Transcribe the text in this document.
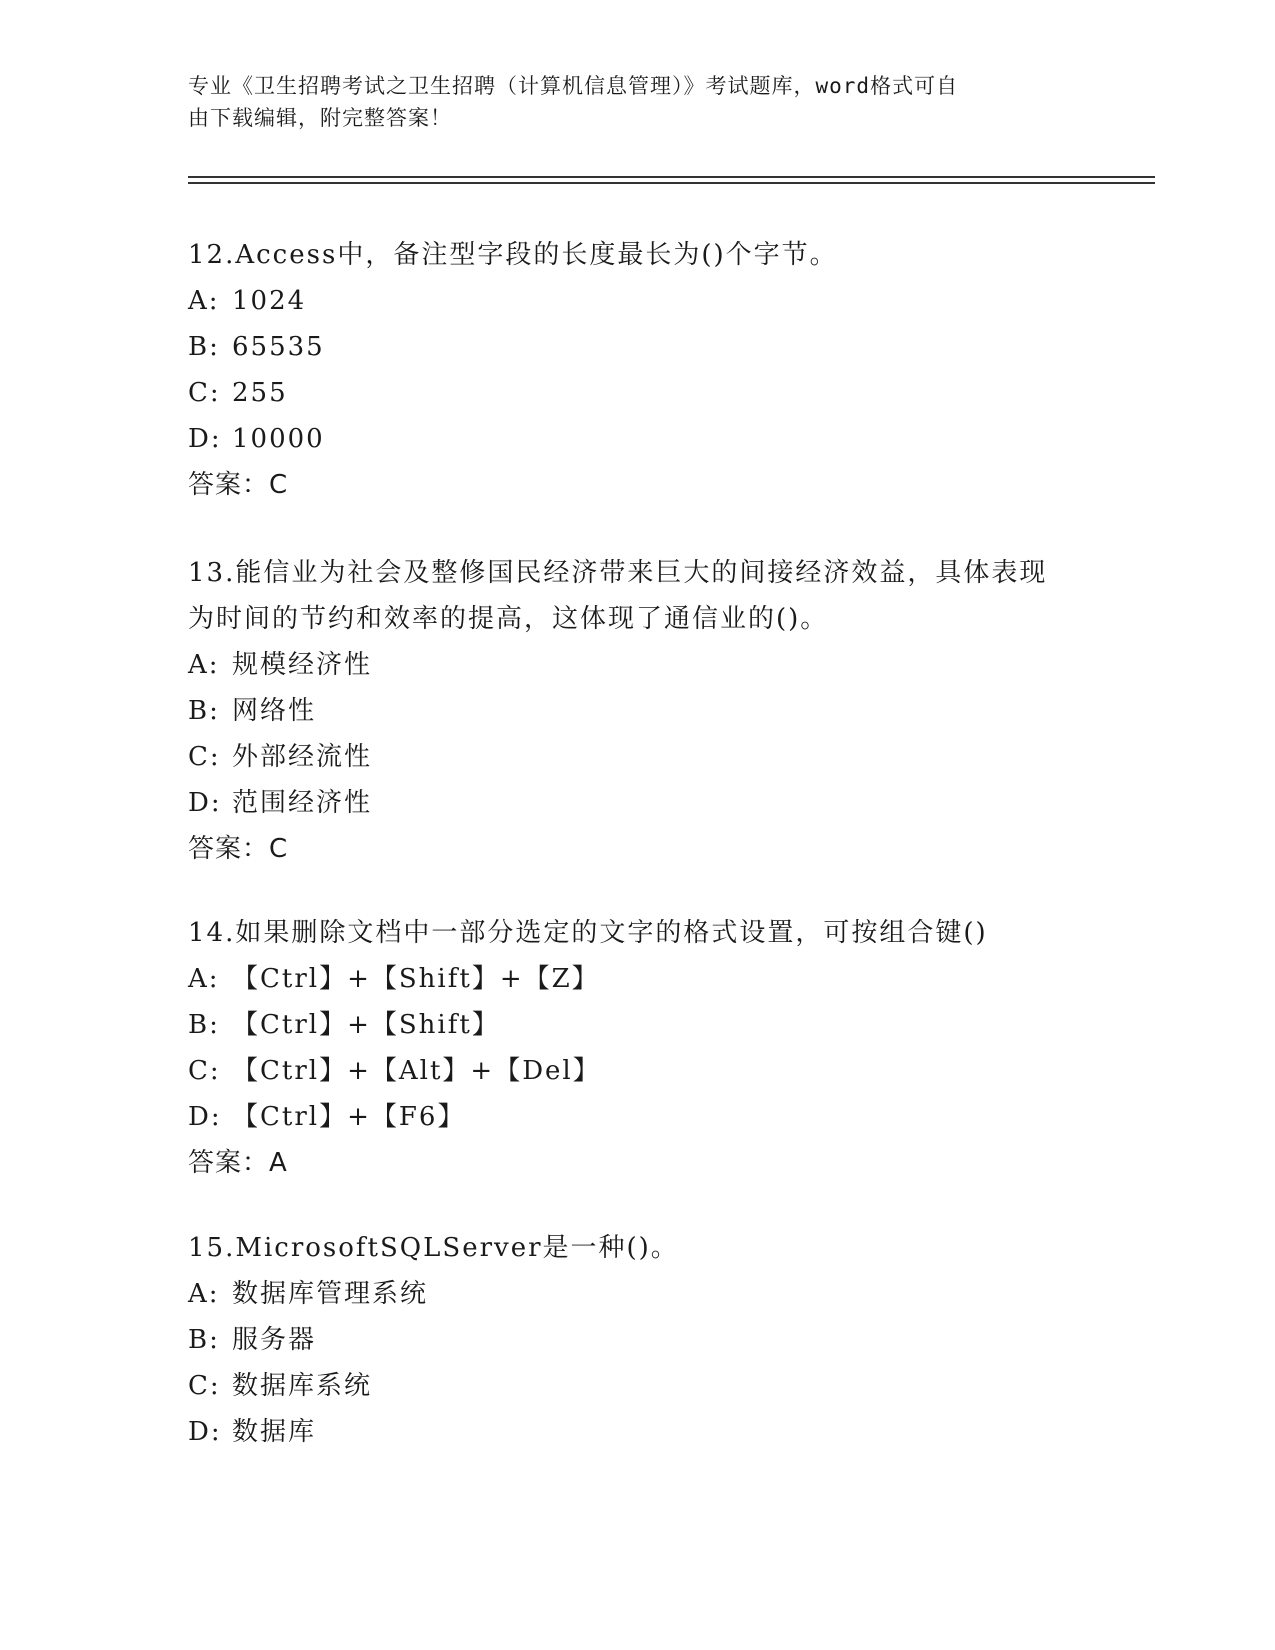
专业《卫生招聘考试之卫生招聘（计算机信息管理）》考试题库，word格式可自
由下载编辑，附完整答案！
12.Access中，备注型字段的长度最长为()个字节。
A: 1024
B: 65535
C: 255
D: 10000
答案：C
13.能信业为社会及整修国民经济带来巨大的间接经济效益，具体表现
为时间的节约和效率的提高，这体现了通信业的()。
A: 规模经济性
B: 网络性
C: 外部经流性
D: 范围经济性
答案：C
14.如果删除文档中一部分选定的文字的格式设置，可按组合键()
A: 【Ctrl】+【Shift】+【Z】
B: 【Ctrl】+【Shift】
C: 【Ctrl】+【Alt】+【Del】
D: 【Ctrl】+【F6】
答案：A
15.MicrosoftSQLServer是一种()。
A: 数据库管理系统
B: 服务器
C: 数据库系统
D: 数据库
